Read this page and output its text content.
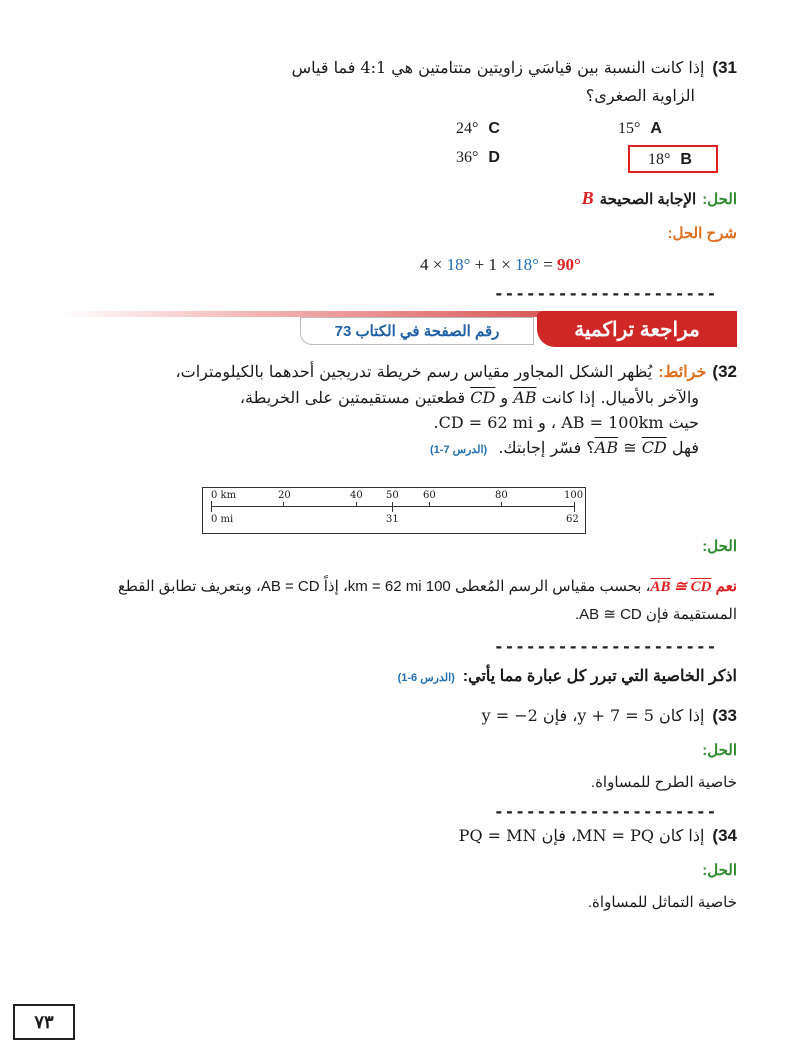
31)
إذا كانت النسبة بين قياسَي زاويتين متتامتين هي 4:1 فما قياس
الزاوية الصغرى؟
15° A
24° C
18° B
36° D
الحل:
الإجابة الصحيحة
B
شرح الحل:
4 × 18° + 1 × 18° = 90°
---------------------
مراجعة تراكمية
رقم الصفحة في الكتاب 73
32)
خرائط:
يُظهر الشكل المجاور مقياس رسم خريطة تدريجين أحدهما بالكيلومترات،
والآخر بالأميال. إذا كانت $\overline{AB}$ و $\overline{CD}$ قطعتين مستقيمتين على الخريطة،
حيث AB = 100km ، و CD = 62 mi.
فهل $\overline{AB}$ ≅ $\overline{CD}؟$ فسّر إجابتك. (الدرس 7-1)
0 km	20	40 50 60	80	100
0 mi	31	62
الحل:
نعم $\overline{AB}$ ≅ $\overline{CD}،$ بحسب مقياس الرسم المُعطى 100 km = 62 mi، إذاً AB = CD، وبتعريف تطابق القطع
المستقيمة فإن AB ≅ CD.
---------------------
اذكر الخاصية التي تبرر كل عبارة مما يأتي:
(الدرس 6-1)
33)
إذا كان y + 7 = 5، فإن y = −2
الحل:
خاصية الطرح للمساواة.
---------------------
34)
إذا كان MN = PQ، فإن PQ = MN
الحل:
خاصية التماثل للمساواة.
٧٣
